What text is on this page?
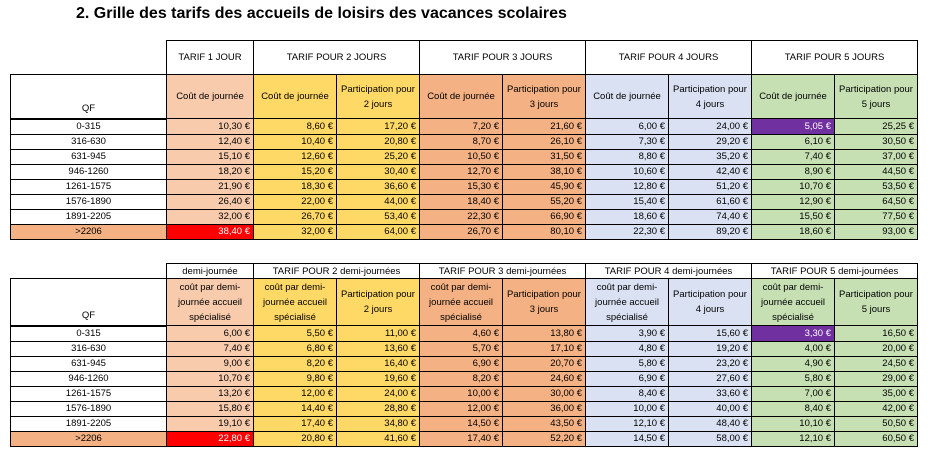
2. Grille des tarifs des accueils de loisirs des vacances scolaires
	TARIF 1 JOUR	TARIF POUR 2 JOURS		TARIF POUR 3 JOURS		TARIF POUR 4 JOURS		TARIF POUR 5 JOURS	
QF	Coût de journée	Coût de journée	Participation pour 2 jours	Coût de journée	Participation pour 3 jours	Coût de journée	Participation pour 4 jours	Coût de journée	Participation pour 5 jours
0-315	10,30 €	8,60 €	17,20 €	7,20 €	21,60 €	6,00 €	24,00 €	5,05 €	25,25 €
316-630	12,40 €	10,40 €	20,80 €	8,70 €	26,10 €	7,30 €	29,20 €	6,10 €	30,50 €
631-945	15,10 €	12,60 €	25,20 €	10,50 €	31,50 €	8,80 €	35,20 €	7,40 €	37,00 €
946-1260	18,20 €	15,20 €	30,40 €	12,70 €	38,10 €	10,60 €	42,40 €	8,90 €	44,50 €
1261-1575	21,90 €	18,30 €	36,60 €	15,30 €	45,90 €	12,80 €	51,20 €	10,70 €	53,50 €
1576-1890	26,40 €	22,00 €	44,00 €	18,40 €	55,20 €	15,40 €	61,60 €	12,90 €	64,50 €
1891-2205	32,00 €	26,70 €	53,40 €	22,30 €	66,90 €	18,60 €	74,40 €	15,50 €	77,50 €
>2206	38,40 €	32,00 €	64,00 €	26,70 €	80,10 €	22,30 €	89,20 €	18,60 €	93,00 €
	demi-journée	TARIF POUR 2 demi-journées		TARIF POUR 3 demi-journées		TARIF POUR 4 demi-journées		TARIF POUR 5 demi-journées	
QF	coût par demi-journée accueil spécialisé	coût par demi-journée accueil spécialisé	Participation pour 2 jours	coût par demi-journée accueil spécialisé	Participation pour 3 jours	coût par demi-journée accueil spécialisé	Participation pour 4 jours	coût par demi-journée accueil spécialisé	Participation pour 5 jours
0-315	6,00 €	5,50 €	11,00 €	4,60 €	13,80 €	3,90 €	15,60 €	3,30 €	16,50 €
316-630	7,40 €	6,80 €	13,60 €	5,70 €	17,10 €	4,80 €	19,20 €	4,00 €	20,00 €
631-945	9,00 €	8,20 €	16,40 €	6,90 €	20,70 €	5,80 €	23,20 €	4,90 €	24,50 €
946-1260	10,70 €	9,80 €	19,60 €	8,20 €	24,60 €	6,90 €	27,60 €	5,80 €	29,00 €
1261-1575	13,20 €	12,00 €	24,00 €	10,00 €	30,00 €	8,40 €	33,60 €	7,00 €	35,00 €
1576-1890	15,80 €	14,40 €	28,80 €	12,00 €	36,00 €	10,00 €	40,00 €	8,40 €	42,00 €
1891-2205	19,10 €	17,40 €	34,80 €	14,50 €	43,50 €	12,10 €	48,40 €	10,10 €	50,50 €
>2206	22,80 €	20,80 €	41,60 €	17,40 €	52,20 €	14,50 €	58,00 €	12,10 €	60,50 €
